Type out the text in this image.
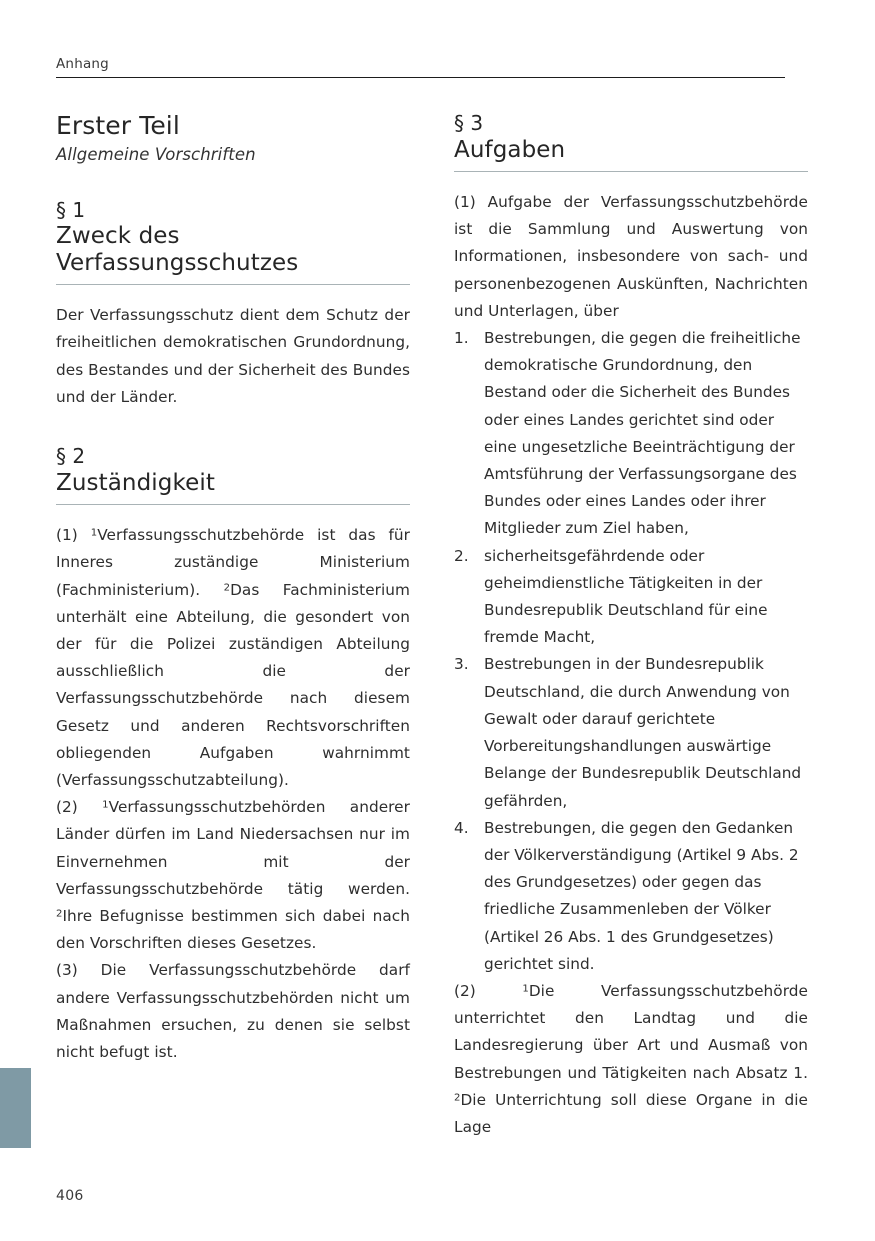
Anhang
Erster Teil
Allgemeine Vorschriften
§ 1
Zweck des Verfassungsschutzes

Der Verfassungsschutz dient dem Schutz der freiheitlichen demokratischen Grundordnung, des Bestandes und der Sicherheit des Bundes und der Länder.

§ 2
Zuständigkeit

(1) $^1$Verfassungsschutzbehörde ist das für Inneres zuständige Ministerium (Fachministerium). $^2$Das Fachministerium unterhält eine Abteilung, die gesondert von der für die Polizei zuständigen Abteilung ausschließlich die der Verfassungsschutzbehörde nach diesem Gesetz und anderen Rechtsvorschriften obliegenden Aufgaben wahrnimmt (Verfassungsschutzabteilung).

(2) $^1$Verfassungsschutzbehörden anderer Länder dürfen im Land Niedersachsen nur im Einvernehmen mit der Verfassungsschutzbehörde tätig werden. $^2$Ihre Befugnisse bestimmen sich dabei nach den Vorschriften dieses Gesetzes.

(3) Die Verfassungsschutzbehörde darf andere Verfassungsschutzbehörden nicht um Maßnahmen ersuchen, zu denen sie selbst nicht befugt ist.

§ 3
Aufgaben

(1) Aufgabe der Verfassungsschutzbehörde ist die Sammlung und Auswertung von Informationen, insbesondere von sach- und personenbezogenen Auskünften, Nachrichten und Unterlagen, über

1.	Bestrebungen, die gegen die freiheitliche demokratische Grundordnung, den Bestand oder die Sicherheit des Bundes oder eines Landes gerichtet sind oder eine ungesetzliche Beeinträchtigung der Amtsführung der Verfassungsorgane des Bundes oder eines Landes oder ihrer Mitglieder zum Ziel haben,
2.	sicherheitsgefährdende oder geheimdienstliche Tätigkeiten in der Bundesrepublik Deutschland für eine fremde Macht,
3.	Bestrebungen in der Bundesrepublik Deutschland, die durch Anwendung von Gewalt oder darauf gerichtete Vorbereitungshandlungen auswärtige Belange der Bundesrepublik Deutschland gefährden,
4.	Bestrebungen, die gegen den Gedanken der Völkerverständigung (Artikel 9 Abs. 2 des Grundgesetzes) oder gegen das friedliche Zusammenleben der Völker (Artikel 26 Abs. 1 des Grundgesetzes) gerichtet sind.

(2) $^1$Die Verfassungsschutzbehörde unterrichtet den Landtag und die Landesregierung über Art und Ausmaß von Bestrebungen und Tätigkeiten nach Absatz 1. $^2$Die Unterrichtung soll diese Organe in die Lage

406
